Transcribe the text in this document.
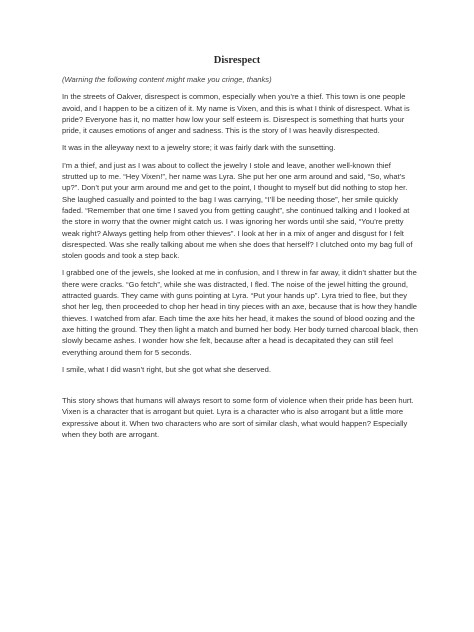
Disrespect

(Warning the following content might make you cringe, thanks)

In the streets of Oakver, disrespect is common, especially when you’re a thief. This town is one people avoid, and I happen to be a citizen of it. My name is Vixen, and this is what I think of disrespect. What is pride? Everyone has it, no matter how low your self esteem is. Disrespect is something that hurts your pride, it causes emotions of anger and sadness. This is the story of I was heavily disrespected.

It was in the alleyway next to a jewelry store; it was fairly dark with the sunsetting.

I’m a thief, and just as I was about to collect the jewelry I stole and leave, another well-known thief strutted up to me. “Hey Vixen!”, her name was Lyra. She put her one arm around and said, “So, what’s up?”. Don’t put your arm around me and get to the point, I thought to myself but did nothing to stop her. She laughed casually and pointed to the bag I was carrying, “I’ll be needing those”, her smile quickly faded. “Remember that one time I saved you from getting caught”, she continued talking and I looked at the store in worry that the owner might catch us. I was ignoring her words until she said, “You’re pretty weak right? Always getting help from other thieves”. I look at her in a mix of anger and disgust for I felt disrespected. Was she really talking about me when she does that herself? I clutched onto my bag full of stolen goods and took a step back.

I grabbed one of the jewels, she looked at me in confusion, and I threw in far away, it didn’t shatter but the there were cracks. “Go fetch”, while she was distracted, I fled. The noise of the jewel hitting the ground, attracted guards. They came with guns pointing at Lyra. “Put your hands up”. Lyra tried to flee, but they shot her leg, then proceeded to chop her head in tiny pieces with an axe, because that is how they handle thieves. I watched from afar. Each time the axe hits her head, it makes the sound of blood oozing and the axe hitting the ground. They then light a match and burned her body. Her body turned charcoal black, then slowly became ashes. I wonder how she felt, because after a head is decapitated they can still feel everything around them for 5 seconds.

I smile, what I did wasn’t right, but she got what she deserved.

This story shows that humans will always resort to some form of violence when their pride has been hurt. Vixen is a character that is arrogant but quiet. Lyra is a character who is also arrogant but a little more expressive about it. When two characters who are sort of similar clash, what would happen? Especially when they both are arrogant.
